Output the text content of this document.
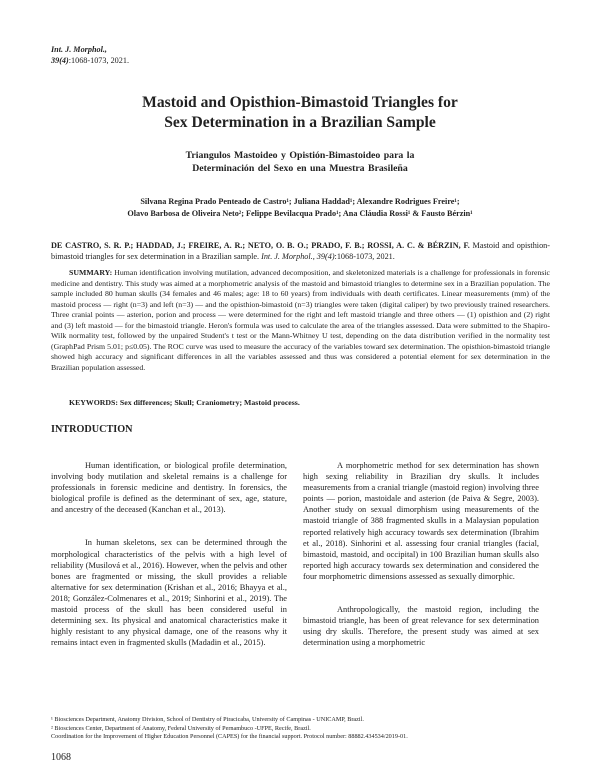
Int. J. Morphol.,
39(4):1068-1073, 2021.
Mastoid and Opisthion-Bimastoid Triangles for
Sex Determination in a Brazilian Sample
Triangulos Mastoideo y Opistión-Bimastoideo para la
Determinación del Sexo en una Muestra Brasileña
Silvana Regina Prado Penteado de Castro¹; Juliana Haddad¹; Alexandre Rodrigues Freire¹;
Olavo Barbosa de Oliveira Neto²; Felippe Bevilacqua Prado¹; Ana Cláudia Rossi¹ & Fausto Bérzin¹
DE CASTRO, S. R. P.; HADDAD, J.; FREIRE, A. R.; NETO, O. B. O.; PRADO, F. B.; ROSSI, A. C. & BÉRZIN, F. Mastoid and opisthion-bimastoid triangles for sex determination in a Brazilian sample. Int. J. Morphol., 39(4):1068-1073, 2021.
SUMMARY: Human identification involving mutilation, advanced decomposition, and skeletonized materials is a challenge for professionals in forensic medicine and dentistry. This study was aimed at a morphometric analysis of the mastoid and bimastoid triangles to determine sex in a Brazilian population. The sample included 80 human skulls (34 females and 46 males; age: 18 to 60 years) from individuals with death certificates. Linear measurements (mm) of the mastoid process — right (n=3) and left (n=3) — and the opisthion-bimastoid (n=3) triangles were taken (digital caliper) by two previously trained researchers. Three cranial points — asterion, porion and process — were determined for the right and left mastoid triangle and three others — (1) opisthion and (2) right and (3) left mastoid — for the bimastoid triangle. Heron's formula was used to calculate the area of the triangles assessed. Data were submitted to the Shapiro-Wilk normality test, followed by the unpaired Student's t test or the Mann-Whitney U test, depending on the data distribution verified in the normality test (GraphPad Prism 5.01; p≤0.05). The ROC curve was used to measure the accuracy of the variables toward sex determination. The opisthion-bimastoid triangle showed high accuracy and significant differences in all the variables assessed and thus was considered a potential element for sex determination in the Brazilian population assessed.
KEYWORDS: Sex differences; Skull; Craniometry; Mastoid process.
INTRODUCTION

Human identification, or biological profile determination, involving body mutilation and skeletal remains is a challenge for professionals in forensic medicine and dentistry. In forensics, the biological profile is defined as the determinant of sex, age, stature, and ancestry of the deceased (Kanchan et al., 2013).

In human skeletons, sex can be determined through the morphological characteristics of the pelvis with a high level of reliability (Musilová et al., 2016). However, when the pelvis and other bones are fragmented or missing, the skull provides a reliable alternative for sex determination (Krishan et al., 2016; Bhayya et al., 2018; González-Colmenares et al., 2019; Sinhorini et al., 2019). The mastoid process of the skull has been considered useful in determining sex. Its physical and anatomical characteristics make it highly resistant to any physical damage, one of the reasons why it remains intact even in fragmented skulls (Madadin et al., 2015).

A morphometric method for sex determination has shown high sexing reliability in Brazilian dry skulls. It includes measurements from a cranial triangle (mastoid region) involving three points — porion, mastoidale and asterion (de Paiva & Segre, 2003). Another study on sexual dimorphism using measurements of the mastoid triangle of 388 fragmented skulls in a Malaysian population reported relatively high accuracy towards sex determination (Ibrahim et al., 2018). Sinhorini et al. assessing four cranial triangles (facial, bimastoid, mastoid, and occipital) in 100 Brazilian human skulls also reported high accuracy towards sex determination and considered the four morphometric dimensions assessed as sexually dimorphic.

Anthropologically, the mastoid region, including the bimastoid triangle, has been of great relevance for sex determination using dry skulls. Therefore, the present study was aimed at sex determination using a morphometric

¹ Biosciences Department, Anatomy Division, School of Dentistry of Piracicaba, University of Campinas - UNICAMP, Brazil.
² Biosciences Center, Department of Anatomy, Federal University of Pernambuco -UFPE, Recife, Brazil.
Coordination for the Improvement of Higher Education Personnel (CAPES) for the financial support. Protocol number: 88882.434534/2019-01.
1068
